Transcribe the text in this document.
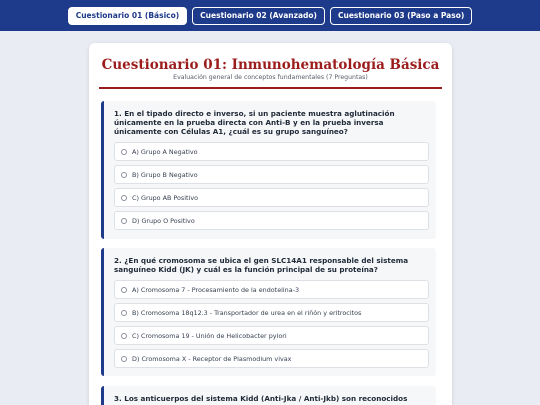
Cuestionario 01 (Básico)	Cuestionario 02 (Avanzado)	Cuestionario 03 (Paso a Paso)
Cuestionario 01: Inmunohematología Básica
Evaluación general de conceptos fundamentales (7 Preguntas)
1. En el tipado directo e inverso, si un paciente muestra aglutinación únicamente en la prueba directa con Anti-B y en la prueba inversa únicamente con Células A1, ¿cuál es su grupo sanguíneo?
A) Grupo A Negativo
B) Grupo B Negativo
C) Grupo AB Positivo
D) Grupo O Positivo
2. ¿En qué cromosoma se ubica el gen SLC14A1 responsable del sistema sanguíneo Kidd (JK) y cuál es la función principal de su proteína?
A) Cromosoma 7 - Procesamiento de la endotelina-3
B) Cromosoma 18q12.3 - Transportador de urea en el riñón y eritrocitos
C) Cromosoma 19 - Unión de Helicobacter pylori
D) Cromosoma X - Receptor de Plasmodium vivax
3. Los anticuerpos del sistema Kidd (Anti-Jka / Anti-Jkb) son reconocidos
